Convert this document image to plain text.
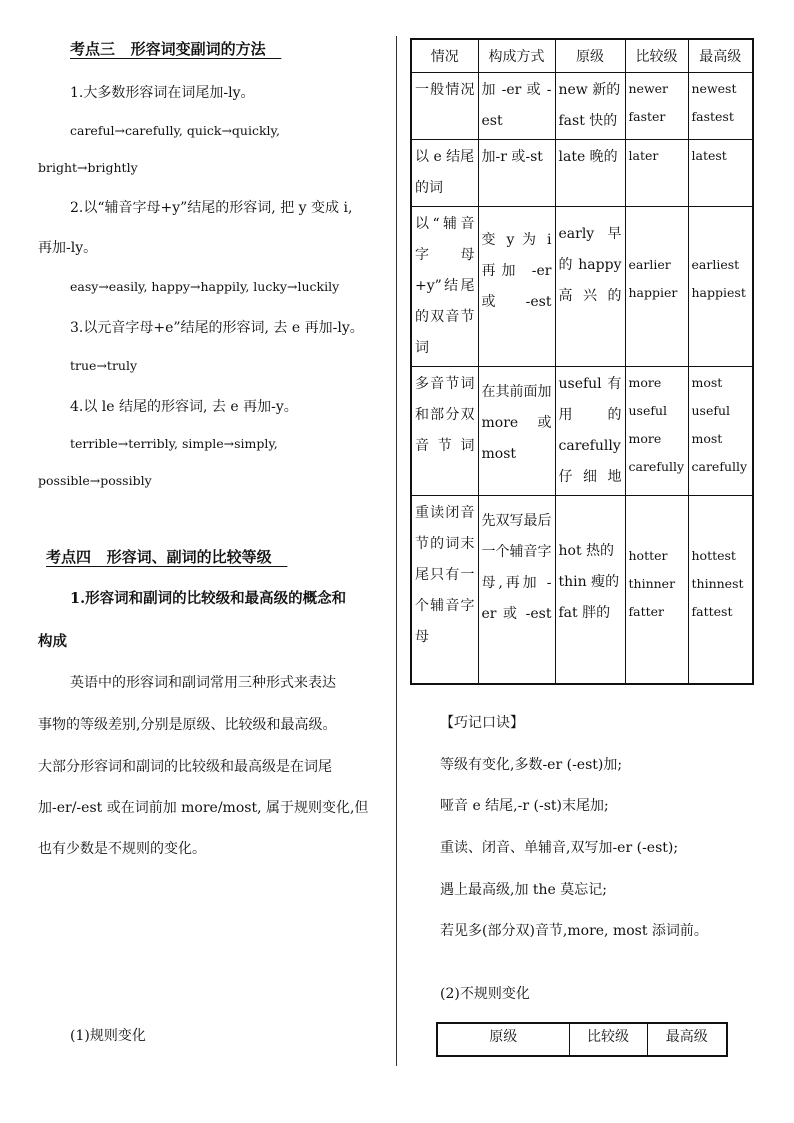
考点三   形容词变副词的方法
1.大多数形容词在词尾加-ly。
careful→carefully, quick→quickly,
bright→brightly
2.以“辅音字母+y”结尾的形容词, 把 y 变成 i,
再加-ly。
easy→easily, happy→happily, lucky→luckily
3.以元音字母+e”结尾的形容词, 去 e 再加-ly。
true→truly
4.以 le 结尾的形容词, 去 e 再加-y。
terrible→terribly, simple→simply,
possible→possibly
考点四   形容词、副词的比较等级
1.形容词和副词的比较级和最高级的概念和
构成
英语中的形容词和副词常用三种形式来表达
事物的等级差别,分别是原级、比较级和最高级。
大部分形容词和副词的比较级和最高级是在词尾
加-er/-est 或在词前加 more/most, 属于规则变化,但
也有少数是不规则的变化。
(1)规则变化
情况	构成方式	原级	比较级	最高级
一般情况	加 -er 或 -est	new 新的 fast 快的	newer faster	newest fastest
以 e 结尾的词	加-r 或-st	late 晚的	later	latest
以“辅音字母+y”结尾的双音节词	变 y 为 i 再加 -er 或 -est	early 早的 happy 高兴的	earlier happier	earliest happiest
多音节词和部分双音节词	在其前面加 more 或 most	useful 有用的 carefully 仔细地	more useful more carefully	most useful most carefully
重读闭音节的词末尾只有一个辅音字母	先双写最后一个辅音字母,再加 -er 或 -est	hot 热的 thin 瘦的 fat 胖的	hotter thinner fatter	hottest thinnest fattest
【巧记口诀】
等级有变化,多数-er (-est)加;
哑音 e 结尾,-r (-st)末尾加;
重读、闭音、单辅音,双写加-er (-est);
遇上最高级,加 the 莫忘记;
若见多(部分双)音节,more, most 添词前。
(2)不规则变化
原级	比较级	最高级
